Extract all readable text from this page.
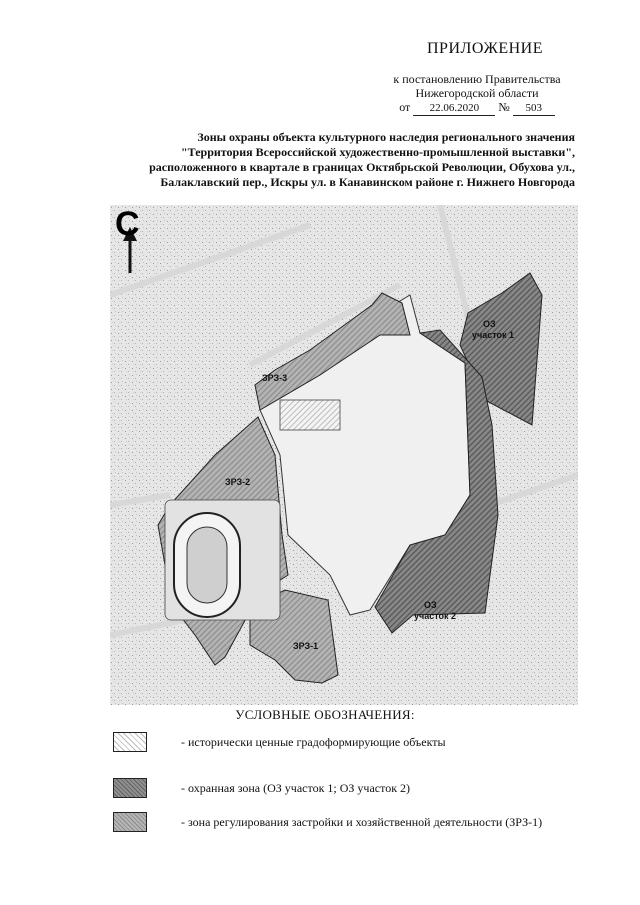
ПРИЛОЖЕНИЕ
к постановлению Правительства
Нижегородской области
от 22.06.2020 № 503
Зоны охраны объекта культурного наследия регионального значения
"Территория Всероссийской художественно-промышленной выставки",
расположенного в квартале в границах Октябрьской Революции, Обухова ул.,
Балаклавский пер., Искры ул. в Канавинском районе г. Нижнего Новгорода
С
ОЗ
участок 1
ОЗ
участок 2
ЗРЗ-3
ЗРЗ-2
ЗРЗ-1
УСЛОВНЫЕ ОБОЗНАЧЕНИЯ:
- исторически ценные градоформирующие объекты
- охранная зона (ОЗ участок 1; ОЗ участок 2)
- зона регулирования застройки и хозяйственной деятельности (ЗРЗ-1)
